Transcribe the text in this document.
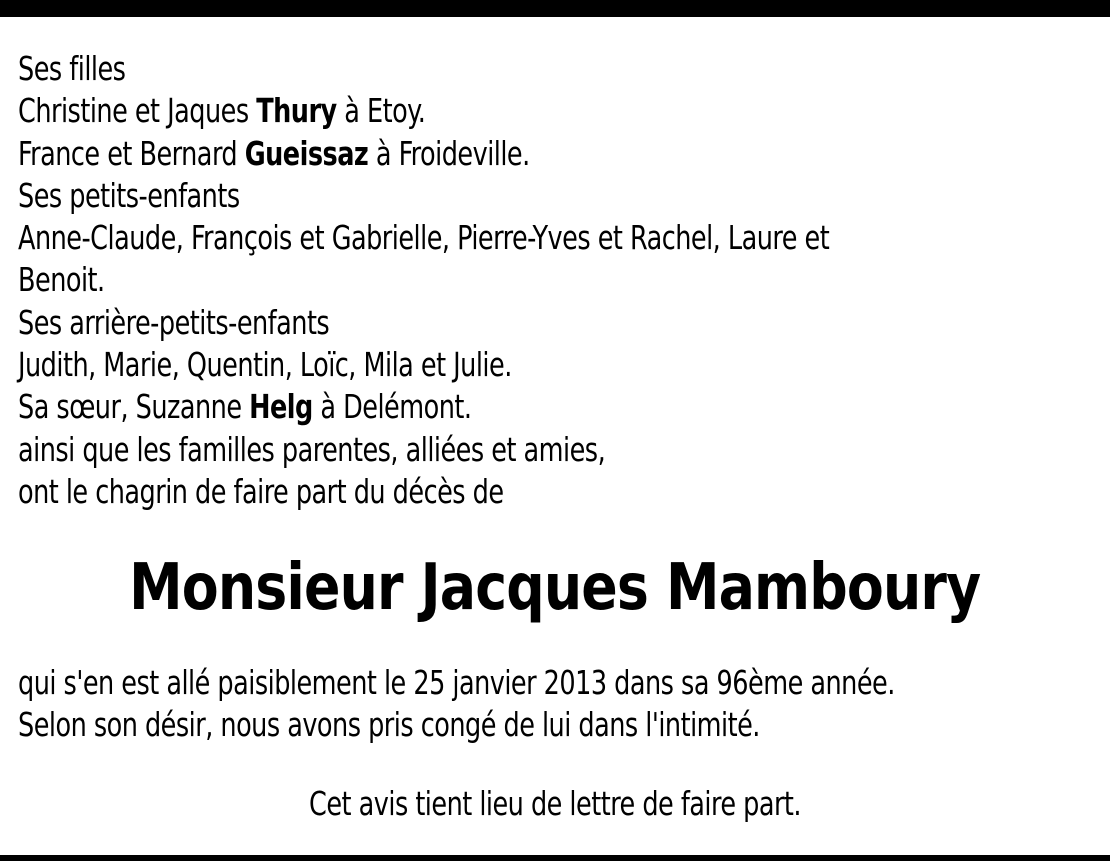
Ses filles
Christine et Jaques Thury à Etoy.
France et Bernard Gueissaz à Froideville.
Ses petits-enfants
Anne-Claude, François et Gabrielle, Pierre-Yves et Rachel, Laure et
Benoit.
Ses arrière-petits-enfants
Judith, Marie, Quentin, Loïc, Mila et Julie.
Sa sœur, Suzanne Helg à Delémont.
ainsi que les familles parentes, alliées et amies,
ont le chagrin de faire part du décès de
Monsieur Jacques Mamboury
qui s'en est allé paisiblement le 25 janvier 2013 dans sa 96ème année.
Selon son désir, nous avons pris congé de lui dans l'intimité.
Cet avis tient lieu de lettre de faire part.
